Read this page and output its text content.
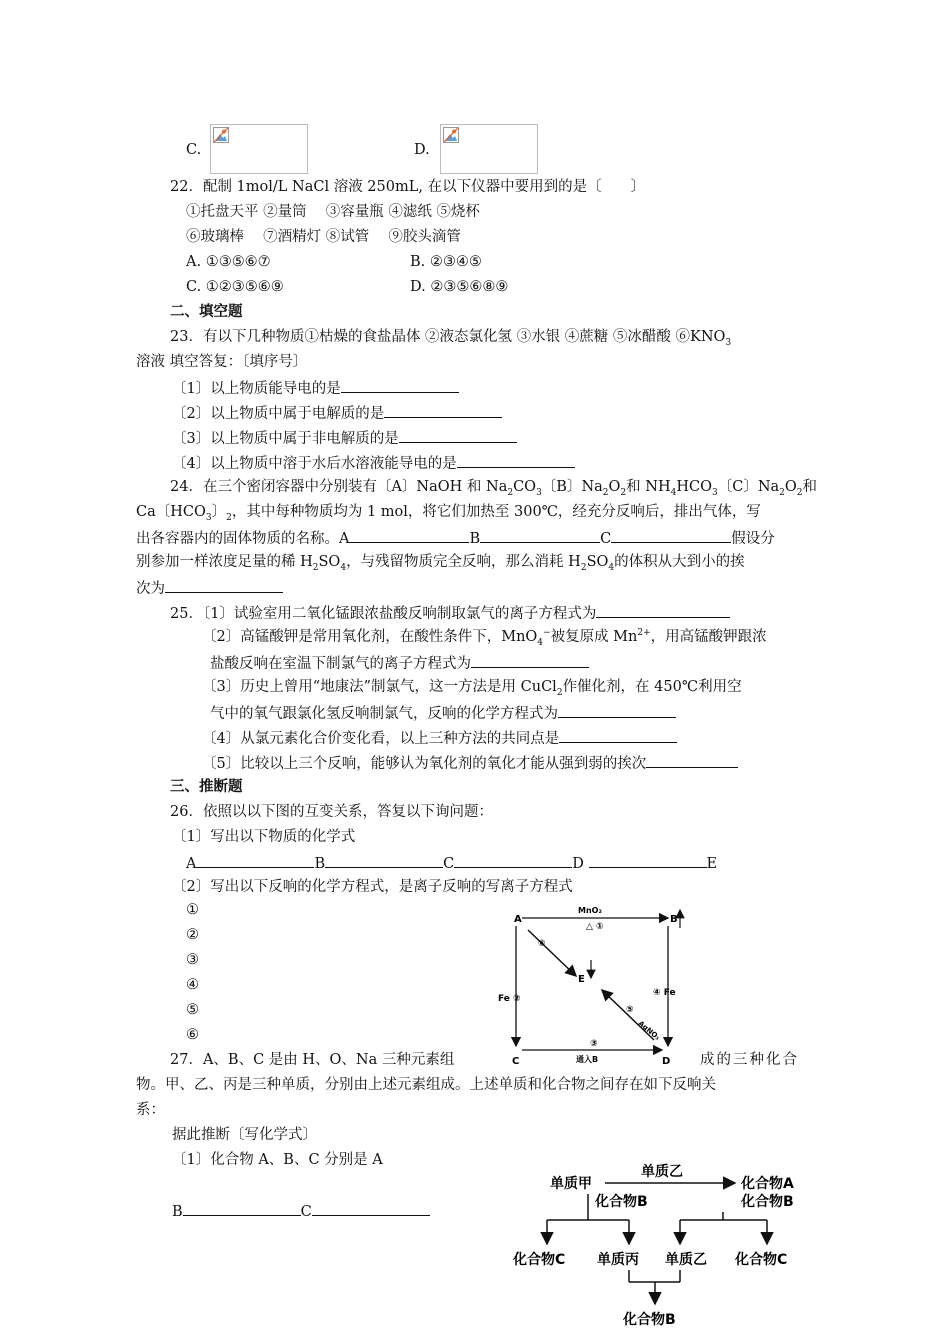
C.	D.
22．配制 1mol/L NaCl 溶液 250mL, 在以下仪器中要用到的是〔　　〕
①托盘天平 ②量筒　 ③容量瓶 ④滤纸 ⑤烧杯
⑥玻璃棒　 ⑦酒精灯 ⑧试管　 ⑨胶头滴管
A. ①③⑤⑥⑦	B. ②③④⑤
C. ①②③⑤⑥⑨	D. ②③⑤⑥⑧⑨
二、填空题
23．有以下几种物质①枯燥的食盐晶体 ②液态氯化氢 ③水银 ④蔗糖 ⑤冰醋酸 $⑥KNO_3$
溶液 填空答复：〔填序号〕
〔1〕以上物质能导电的是
〔2〕以上物质中属于电解质的是
〔3〕以上物质中属于非电解质的是
〔4〕以上物质中溶于水后水溶液能导电的是
24．在三个密闭容器中分别装有〔A〕NaOH 和 $Na_2CO_3$〔B〕$Na_2O_2$和 $NH_4HCO_3$〔C〕$Na_2O_2$和
Ca〔$HCO_3$〕$_2$，其中每种物质均为 1 mol，将它们加热至 300℃，经充分反响后，排出气体，写
出各容器内的固体物质的名称。A	B	C	假设分
别参加一样浓度足量的稀 $H_2SO_4$，与残留物质完全反响，那么消耗 $H_2SO_4$的体积从大到小的挨
次为
25．〔1〕试验室用二氧化锰跟浓盐酸反响制取氯气的离子方程式为
〔2〕高锰酸钾是常用氧化剂，在酸性条件下，MnO$_4$−被复原成 $Mn^{2+}$，用高锰酸钾跟浓
盐酸反响在室温下制氯气的离子方程式为
〔3〕历史上曾用“地康法”制氯气，这一方法是用 CuCl$_2$作催化剂，在 450℃利用空
气中的氧气跟氯化氢反响制氯气，反响的化学方程式为
〔4〕从氯元素化合价变化看，以上三种方法的共同点是
〔5〕比较以上三个反响，能够认为氧化剂的氧化才能从强到弱的挨次
三、推断题
26．依照以以下图的互变关系，答复以下询问题：
〔1〕写出以下物质的化学式
A	B	C	D	E
〔2〕写出以下反响的化学方程式，是离子反响的写离子方程式
①
②
③
④
⑤
⑥
A	B
MnO₂
△ ①
Fe ②
④ Fe
C	D
③
通入B
⑥
E
⑤
AgNO₃
27．A、B、C 是由 H、O、Na 三种元素组	成的三种化合
物。甲、乙、丙是三种单质，分别由上述元素组成。上述单质和化合物之间存在如下反响关
系：
据此推断〔写化学式〕
〔1〕化合物 A、B、C 分别是 A
B	C
单质甲
单质乙
化合物A
化合物B	化合物B
化合物C 单质丙 单质乙 化合物C
化合物B
